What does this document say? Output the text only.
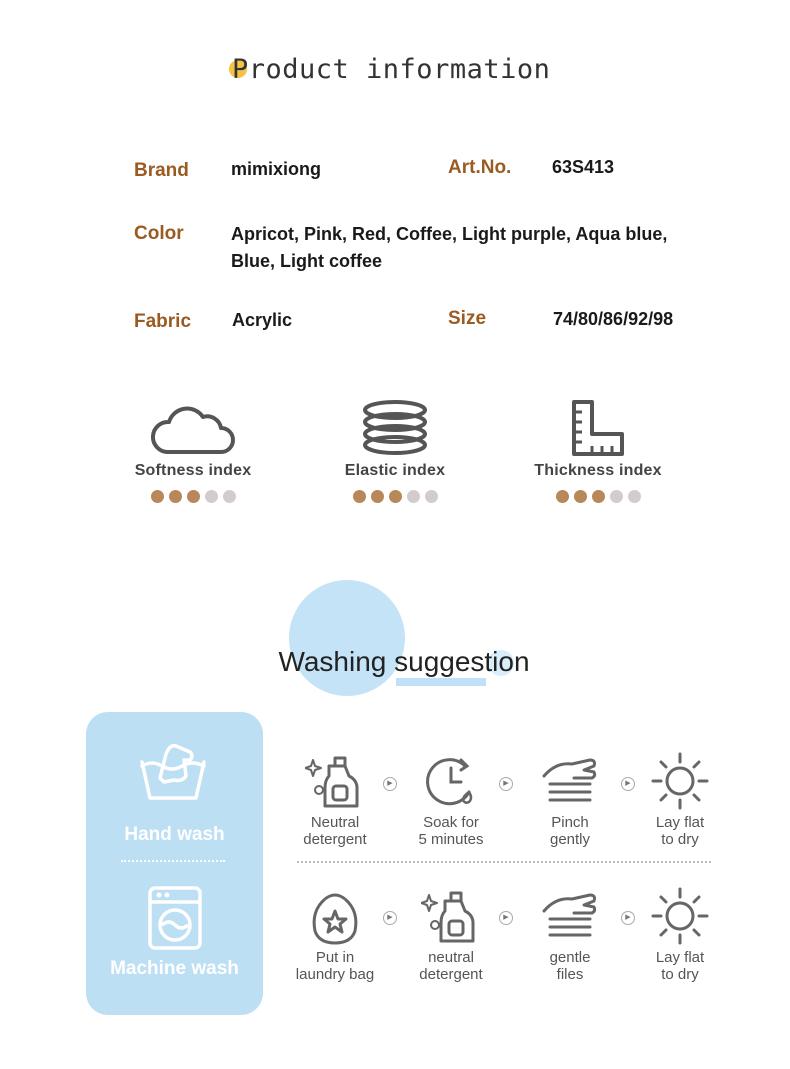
Product information
Brand mimixiong	Art.No. 63S413
Color	Apricot, Pink, Red, Coffee, Light purple, Aqua blue, Blue, Light coffee
Fabric Acrylic	Size	74/80/86/92/98
Softness index	Elastic index	Thickness index
Washing suggestion
Hand wash
Machine wash
Neutral
detergent
▶
Soak for
5 minutes
▶
Pinch
gently
▶
Lay flat
to dry
Put in
laundry bag
▶
neutral
detergent
▶
gentle
files
▶
Lay flat
to dry
